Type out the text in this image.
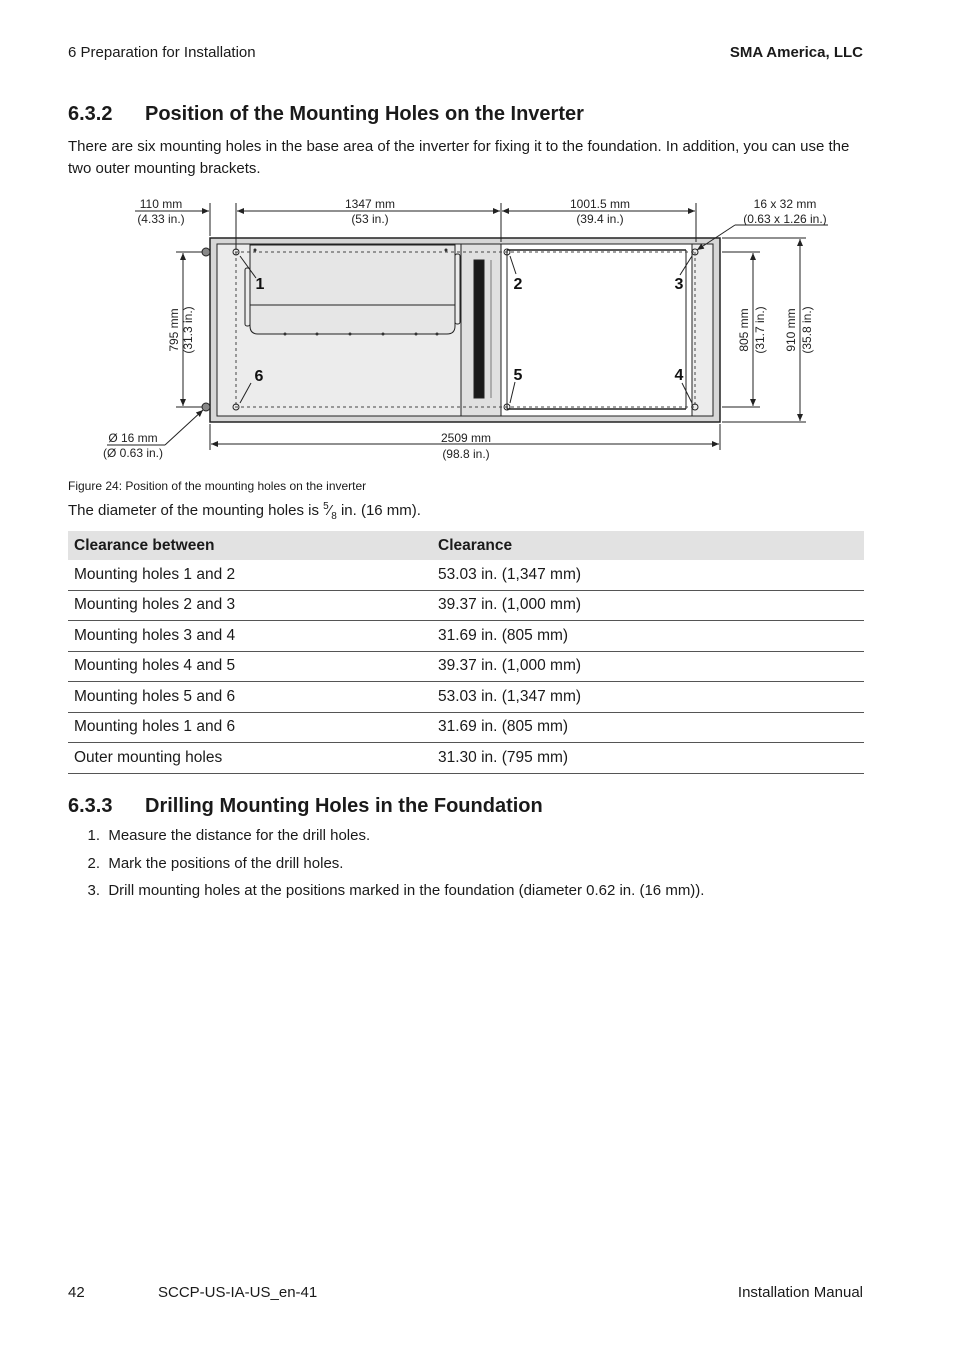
6 Preparation for Installation	SMA America, LLC
6.3.2 Position of the Mounting Holes on the Inverter
There are six mounting holes in the base area of the inverter for fixing it to the foundation. In addition, you can use the two outer mounting brackets.
110 mm
(4.33 in.)
1347 mm
(53 in.)
1001.5 mm
(39.4 in.)
16 x 32 mm
(0.63 x 1.26 in.)
Ø 16 mm
(Ø 0.63 in.)
2509 mm
(98.8 in.)
795 mm (31.3 in.)	805 mm (31.7 in.) 910 mm (35.8 in.)
1	2	3
4
5
6
Figure 24: Position of the mounting holes on the inverter
The diameter of the mounting holes is $^5⁄_8$ in. (16 mm).
Clearance between	Clearance
Mounting holes 1 and 2	53.03 in. (1,347 mm)
Mounting holes 2 and 3	39.37 in. (1,000 mm)
Mounting holes 3 and 4	31.69 in. (805 mm)
Mounting holes 4 and 5	39.37 in. (1,000 mm)
Mounting holes 5 and 6	53.03 in. (1,347 mm)
Mounting holes 1 and 6	31.69 in. (805 mm)
Outer mounting holes	31.30 in. (795 mm)
6.3.3 Drilling Mounting Holes in the Foundation
1. Measure the distance for the drill holes.
2. Mark the positions of the drill holes.
3. Drill mounting holes at the positions marked in the foundation (diameter 0.62 in. (16 mm)).
42	SCCP-US-IA-US_en-41	Installation Manual
